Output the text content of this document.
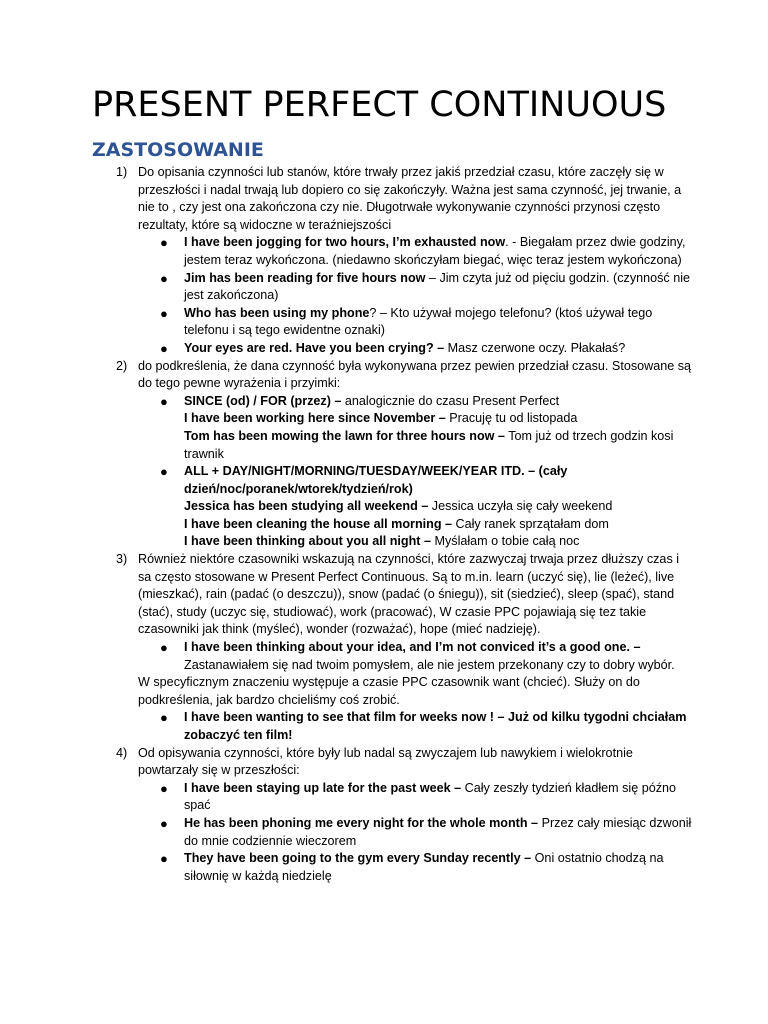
PRESENT PERFECT CONTINUOUS
ZASTOSOWANIE
1) Do opisania czynności lub stanów, które trwały przez jakiś przedział czasu, które zaczęły się w przeszłości i nadal trwają lub dopiero co się zakończyły. Ważna jest sama czynność, jej trwanie, a nie to , czy jest ona zakończona czy nie. Długotrwałe wykonywanie czynności przynosi często rezultaty, które są widoczne w teraźniejszości
● I have been jogging for two hours, I’m exhausted now. - Biegałam przez dwie godziny, jestem teraz wykończona. (niedawno skończyłam biegać, więc teraz jestem wykończona)
● Jim has been reading for five hours now – Jim czyta już od pięciu godzin. (czynność nie jest zakończona)
● Who has been using my phone? – Kto używał mojego telefonu? (ktoś używał tego telefonu i są tego ewidentne oznaki)
● Your eyes are red. Have you been crying? – Masz czerwone oczy. Płakałaś?
2) do podkreślenia, że dana czynność była wykonywana przez pewien przedział czasu. Stosowane są do tego pewne wyrażenia i przyimki:
● SINCE (od) / FOR (przez) – analogicznie do czasu Present Perfect
I have been working here since November – Pracuję tu od listopada
Tom has been mowing the lawn for three hours now – Tom już od trzech godzin kosi trawnik
● ALL + DAY/NIGHT/MORNING/TUESDAY/WEEK/YEAR ITD. – (cały dzień/noc/poranek/wtorek/tydzień/rok)
Jessica has been studying all weekend – Jessica uczyła się cały weekend
I have been cleaning the house all morning – Cały ranek sprzątałam dom
I have been thinking about you all night – Myślałam o tobie całą noc
3) Również niektóre czasowniki wskazują na czynności, które zazwyczaj trwaja przez dłuższy czas i sa często stosowane w Present Perfect Continuous. Są to m.in. learn (uczyć się), lie (leżeć), live (mieszkać), rain (padać (o deszczu)), snow (padać (o śniegu)), sit (siedzieć), sleep (spać), stand (stać), study (uczyc się, studiować), work (pracować), W czasie PPC pojawiają się tez takie czasowniki jak think (myśleć), wonder (rozważać), hope (mieć nadzieję).
● I have been thinking about your idea, and I’m not conviced it’s a good one. – Zastanawiałem się nad twoim pomysłem, ale nie jestem przekonany czy to dobry wybór.
W specyficznym znaczeniu występuje a czasie PPC czasownik want (chcieć). Służy on do podkreślenia, jak bardzo chcieliśmy coś zrobić.
● I have been wanting to see that film for weeks now ! – Już od kilku tygodni chciałam zobaczyć ten film!
4) Od opisywania czynności, które były lub nadal są zwyczajem lub nawykiem i wielokrotnie powtarzały się w przeszłości:
● I have been staying up late for the past week – Cały zeszły tydzień kładłem się późno spać
● He has been phoning me every night for the whole month – Przez cały miesiąc dzwonił do mnie codziennie wieczorem
● They have been going to the gym every Sunday recently – Oni ostatnio chodzą na siłownię w każdą niedzielę
